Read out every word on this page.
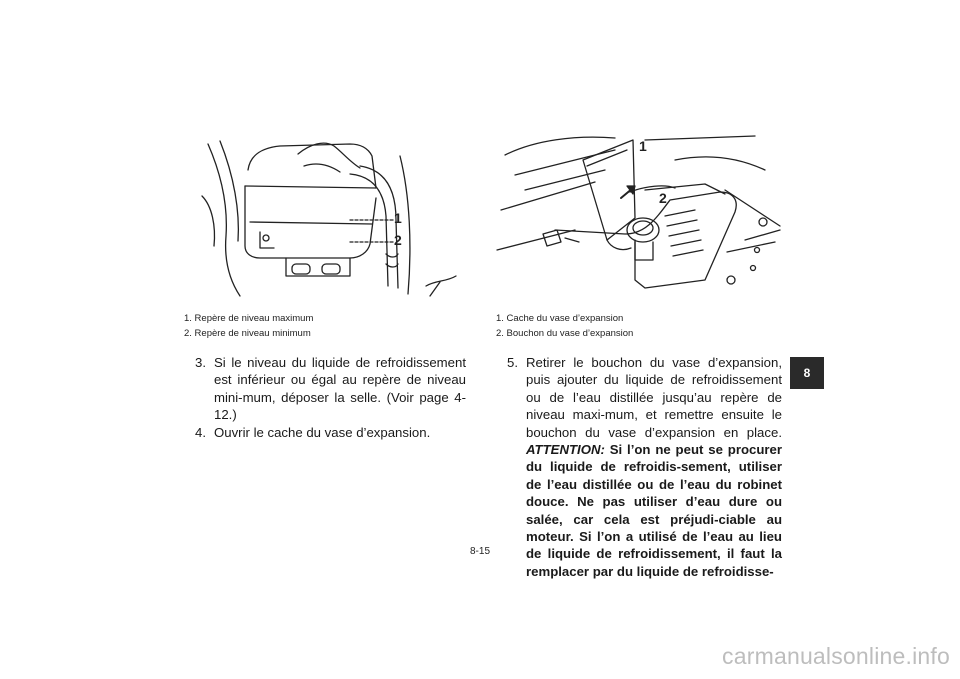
1
2
1. Repère de niveau maximum
2. Repère de niveau minimum
1
2
1. Cache du vase d’expansion
2. Bouchon du vase d’expansion
3. Si le niveau du liquide de refroidissement est inférieur ou égal au repère de niveau mini-mum, déposer la selle. (Voir page 4-12.)
4. Ouvrir le cache du vase d’expansion.
5. Retirer le bouchon du vase d’expansion, puis ajouter du liquide de refroidissement ou de l’eau distillée jusqu’au repère de niveau maxi-mum, et remettre ensuite le bouchon du vase d’expansion en place. ATTENTION: Si l’on ne peut se procurer du liquide de refroidis-sement, utiliser de l’eau distillée ou de l’eau du robinet douce. Ne pas utiliser d’eau dure ou salée, car cela est préjudi-ciable au moteur. Si l’on a utilisé de l’eau au lieu de liquide de refroidissement, il faut la remplacer par du liquide de refroidisse-
8
8-15
carmanualsonline.info
